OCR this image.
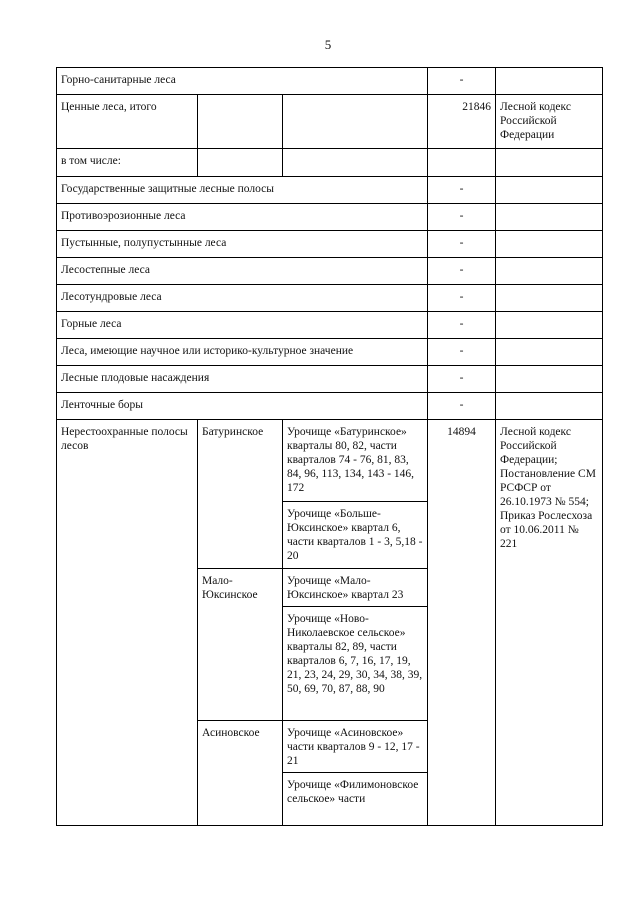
5
Горно-санитарные леса			-	
Ценные леса, итого			21846	Лесной кодекс Российской Федерации
в том числе:				
Государственные защитные лесные полосы			-	
Противоэрозионные леса			-	
Пустынные, полупустынные леса			-	
Лесостепные леса			-	
Лесотундровые леса			-	
Горные леса			-	
Леса, имеющие научное или историко-культурное значение			-	
Лесные плодовые насаждения			-	
Ленточные боры			-	
Нерестоохранные полосы лесов	Батуринское	Урочище «Батуринское» кварталы 80, 82, части кварталов 74 - 76, 81, 83, 84, 96, 113, 134, 143 - 146, 172	14894	Лесной кодекс Российской Федерации; Постановление СМ РСФСР от 26.10.1973 № 554; Приказ Рослесхоза от 10.06.2011 № 221
		Урочище «Больше-Юксинское» квартал 6, части кварталов 1 - 3, 5,18 - 20		
	Мало-Юксинское	Урочище «Мало-Юксинское» квартал 23		
		Урочище «Ново-Николаевское сельское» кварталы 82, 89, части кварталов 6, 7, 16, 17, 19, 21, 23, 24, 29, 30, 34, 38, 39, 50, 69, 70, 87, 88, 90		
	Асиновское	Урочище «Асиновское» части кварталов 9 - 12, 17 - 21		
		Урочище «Филимоновское сельское» части		
